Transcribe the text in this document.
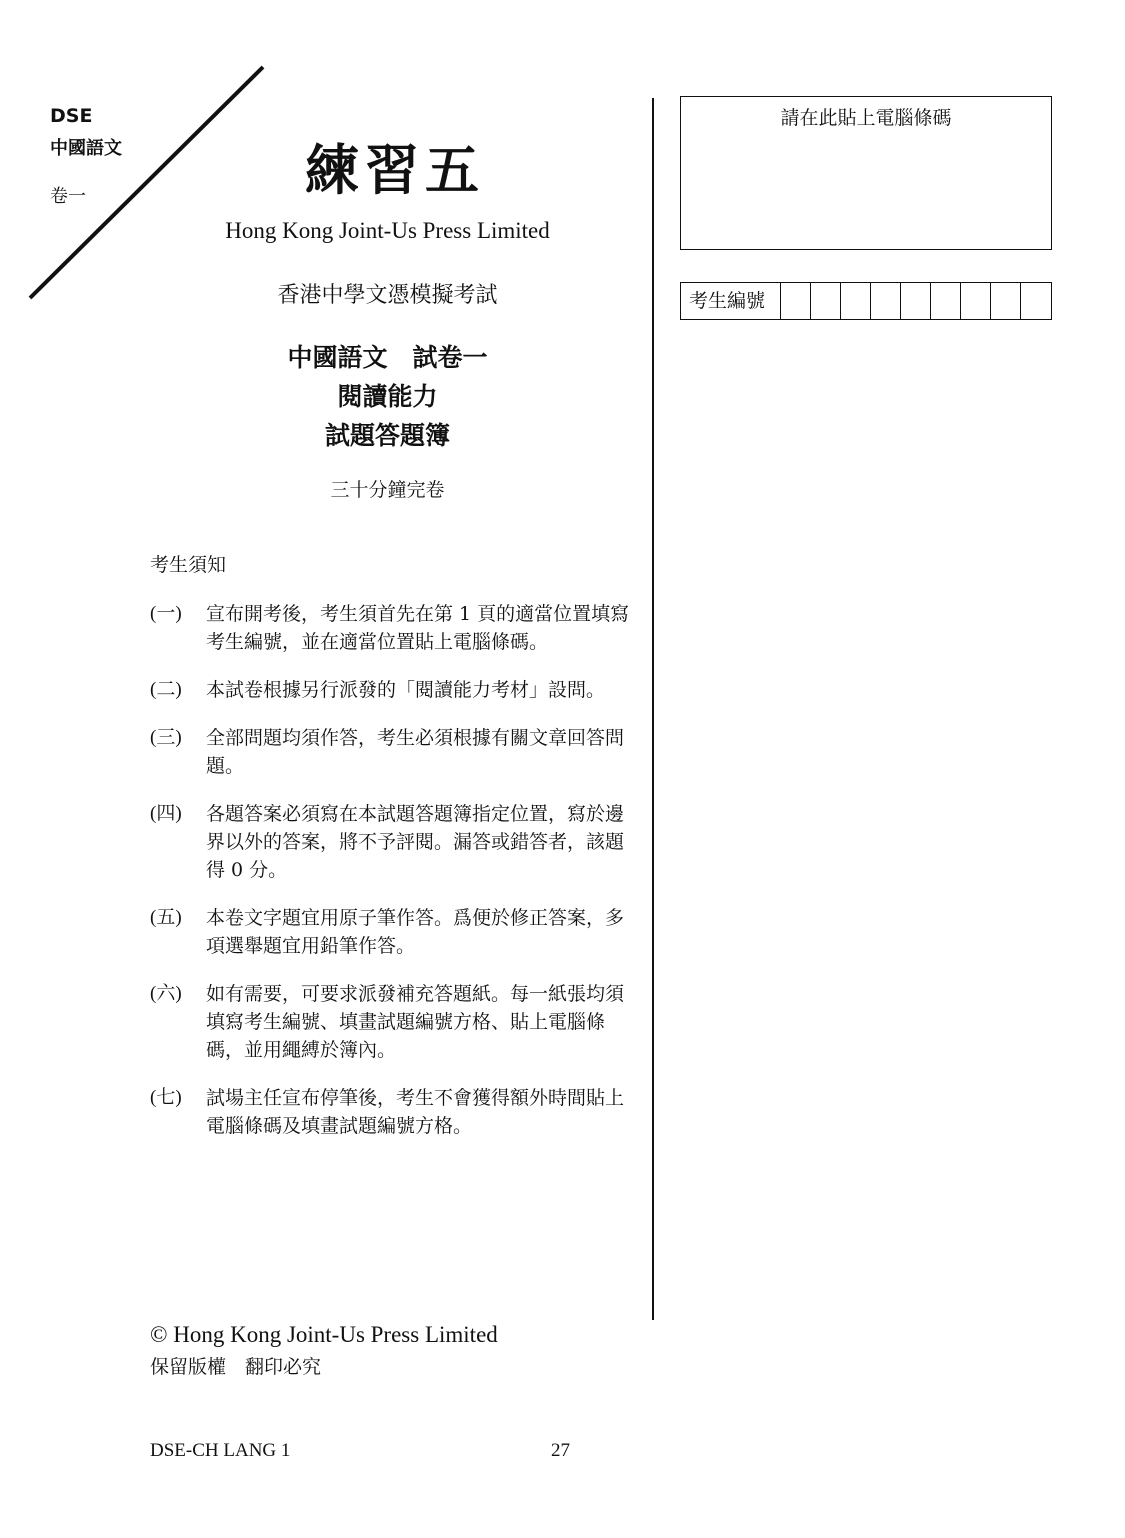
DSE
中國語文
卷一	練習五
Hong Kong Joint-Us Press Limited
香港中學文憑模擬考試
中國語文　試卷一
閱讀能力
試題答題簿
三十分鐘完卷
考生須知
(一)	宣布開考後，考生須首先在第 1 頁的適當位置填寫考生編號，並在適當位置貼上電腦條碼。
(二)	本試卷根據另行派發的「閱讀能力考材」設問。
(三)	全部問題均須作答，考生必須根據有關文章回答問題。
(四)	各題答案必須寫在本試題答題簿指定位置，寫於邊界以外的答案，將不予評閱。漏答或錯答者，該題得 0 分。
(五)	本卷文字題宜用原子筆作答。爲便於修正答案，多項選舉題宜用鉛筆作答。
(六)	如有需要，可要求派發補充答題紙。每一紙張均須填寫考生編號、填畫試題編號方格、貼上電腦條碼，並用繩縛於簿內。
(七)	試場主任宣布停筆後，考生不會獲得額外時間貼上電腦條碼及填畫試題編號方格。
請在此貼上電腦條碼
考生編號
© Hong Kong Joint-Us Press Limited
保留版權　翻印必究
DSE-CH LANG 1	27
